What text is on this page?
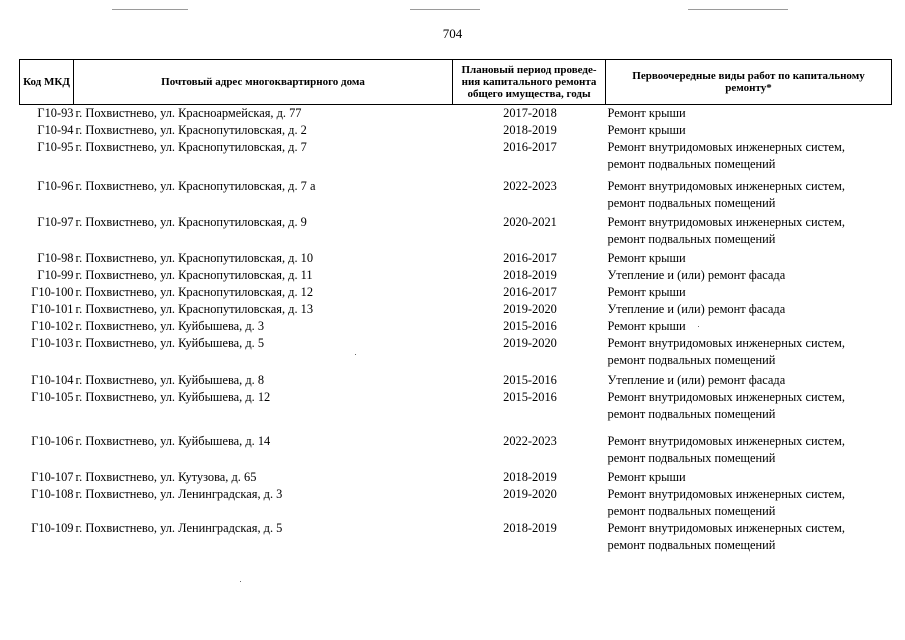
704
Код МКД	Почтовый адрес многоквартирного дома	Плановый период проведе-ния капитального ремонта общего имущества, годы	Первоочередные виды работ по капитальному ремонту*
Г10-93	г. Похвистнево, ул. Красноармейская, д. 77	2017-2018	Ремонт крыши

Г10-94	г. Похвистнево, ул. Краснопутиловская, д. 2	2018-2019	Ремонт крыши

Г10-95	г. Похвистнево, ул. Краснопутиловская, д. 7	2016-2017	Ремонт внутридомовых инженерных систем,
ремонт подвальных помещений

Г10-96	г. Похвистнево, ул. Краснопутиловская, д. 7 а	2022-2023	Ремонт внутридомовых инженерных систем,
ремонт подвальных помещений

Г10-97	г. Похвистнево, ул. Краснопутиловская, д. 9	2020-2021	Ремонт внутридомовых инженерных систем,
ремонт подвальных помещений

Г10-98	г. Похвистнево, ул. Краснопутиловская, д. 10	2016-2017	Ремонт крыши

Г10-99	г. Похвистнево, ул. Краснопутиловская, д. 11	2018-2019	Утепление и (или) ремонт фасада

Г10-100	г. Похвистнево, ул. Краснопутиловская, д. 12	2016-2017	Ремонт крыши

Г10-101	г. Похвистнево, ул. Краснопутиловская, д. 13	2019-2020	Утепление и (или) ремонт фасада

Г10-102	г. Похвистнево, ул. Куйбышева, д. 3	2015-2016	Ремонт крыши

Г10-103	г. Похвистнево, ул. Куйбышева, д. 5	2019-2020	Ремонт внутридомовых инженерных систем,
ремонт подвальных помещений

Г10-104	г. Похвистнево, ул. Куйбышева, д. 8	2015-2016	Утепление и (или) ремонт фасада

Г10-105	г. Похвистнево, ул. Куйбышева, д. 12	2015-2016	Ремонт внутридомовых инженерных систем,
ремонт подвальных помещений

Г10-106	г. Похвистнево, ул. Куйбышева, д. 14	2022-2023	Ремонт внутридомовых инженерных систем,
ремонт подвальных помещений

Г10-107	г. Похвистнево, ул. Кутузова, д. 65	2018-2019	Ремонт крыши

Г10-108	г. Похвистнево, ул. Ленинградская, д. 3	2019-2020	Ремонт внутридомовых инженерных систем,
ремонт подвальных помещений

Г10-109	г. Похвистнево, ул. Ленинградская, д. 5	2018-2019	Ремонт внутридомовых инженерных систем,
ремонт подвальных помещений
